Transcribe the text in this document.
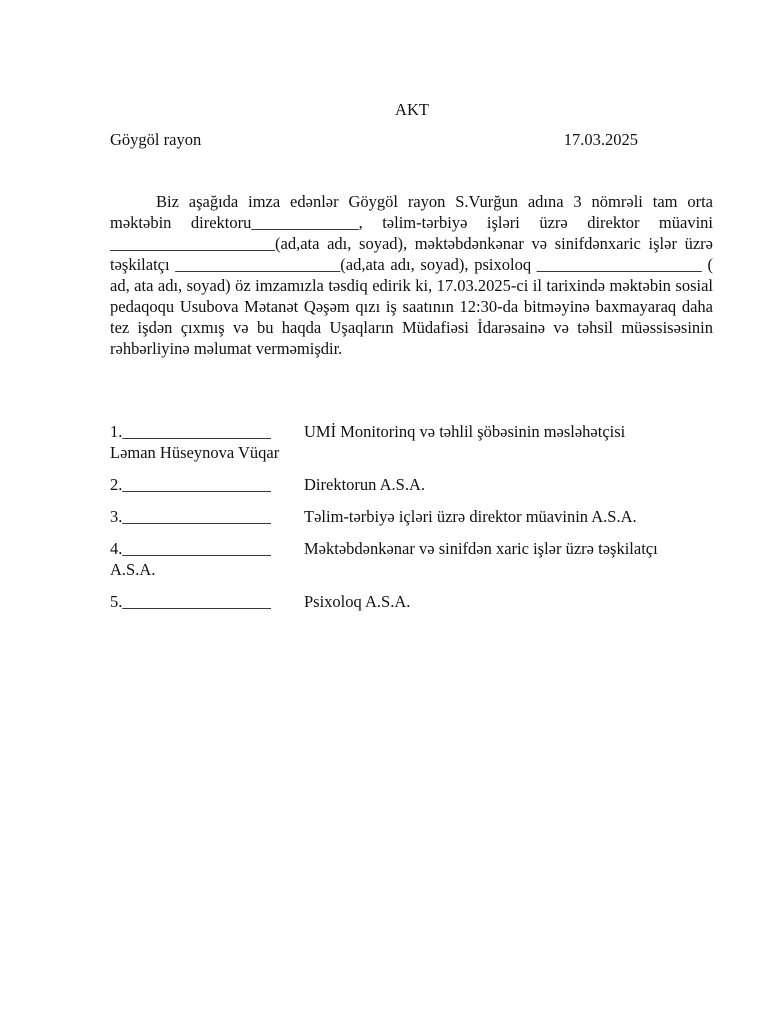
AKT
Göygöl rayon	17.03.2025

Biz aşağıda imza edənlər Göygöl rayon S.Vurğun adına 3 nömrəli tam orta məktəbin direktoru_____________, təlim-tərbiyə işləri üzrə direktor müavini ____________________(ad,ata adı, soyad), məktəbdənkənar və sinifdənxaric işlər üzrə təşkilatçı ____________________(ad,ata adı, soyad), psixoloq ____________________ ( ad, ata adı, soyad) öz imzamızla təsdiq edirik ki, 17.03.2025-ci il tarixində məktəbin sosial pedaqoqu Usubova Mətanət Qəşəm qızı iş saatının 12:30-da bitməyinə baxmayaraq daha tez işdən çıxmış və bu haqda Uşaqların Müdafiəsi İdarəsainə və təhsil müəssisəsinin rəhbərliyinə məlumat verməmişdir.

1.__________________ UMİ Monitorinq və təhlil şöbəsinin məsləhətçisi
Ləman Hüseynova Vüqar
2.__________________ Direktorun A.S.A.
3.__________________ Təlim-tərbiyə içləri üzrə direktor müavinin A.S.A.
4.__________________ Məktəbdənkənar və sinifdən xaric işlər üzrə təşkilatçı
A.S.A.
5.__________________ Psixoloq A.S.A.
